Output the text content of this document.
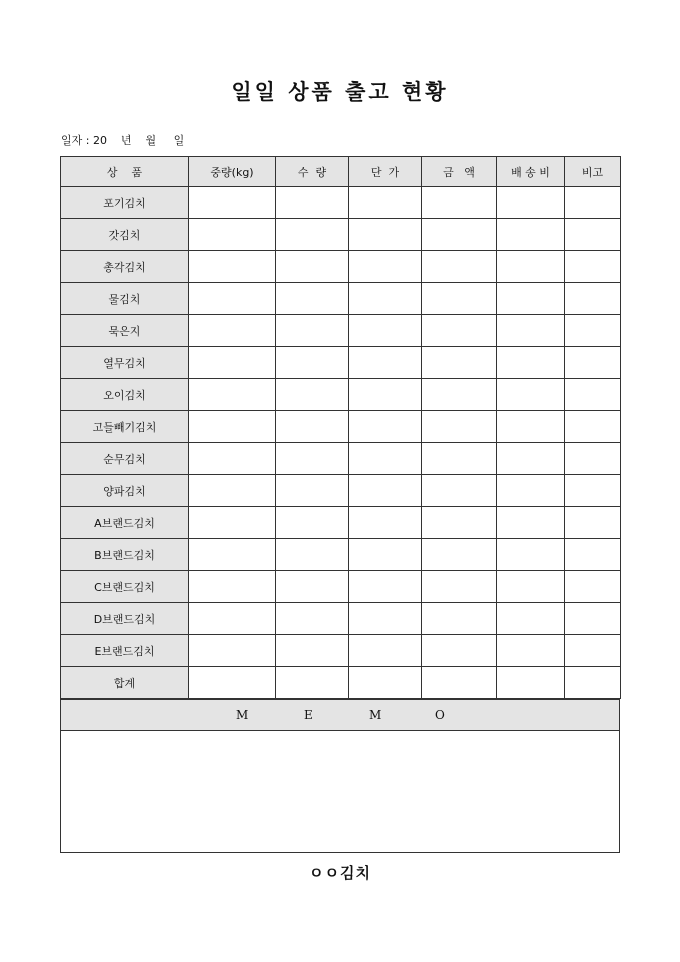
일일 상품 출고 현황
일자 : 20    년    월     일
상    품	중량(kg)	수  량	단  가	금   액	배 송 비	비고
포기김치						
갓김치						
총각김치						
물김치						
묵은지						
열무김치						
오이김치						
고들빼기김치						
순무김치						
양파김치						
A브랜드김치						
B브랜드김치						
C브랜드김치						
D브랜드김치						
E브랜드김치						
합계						
M	E	M	O
ㅇㅇ김치
